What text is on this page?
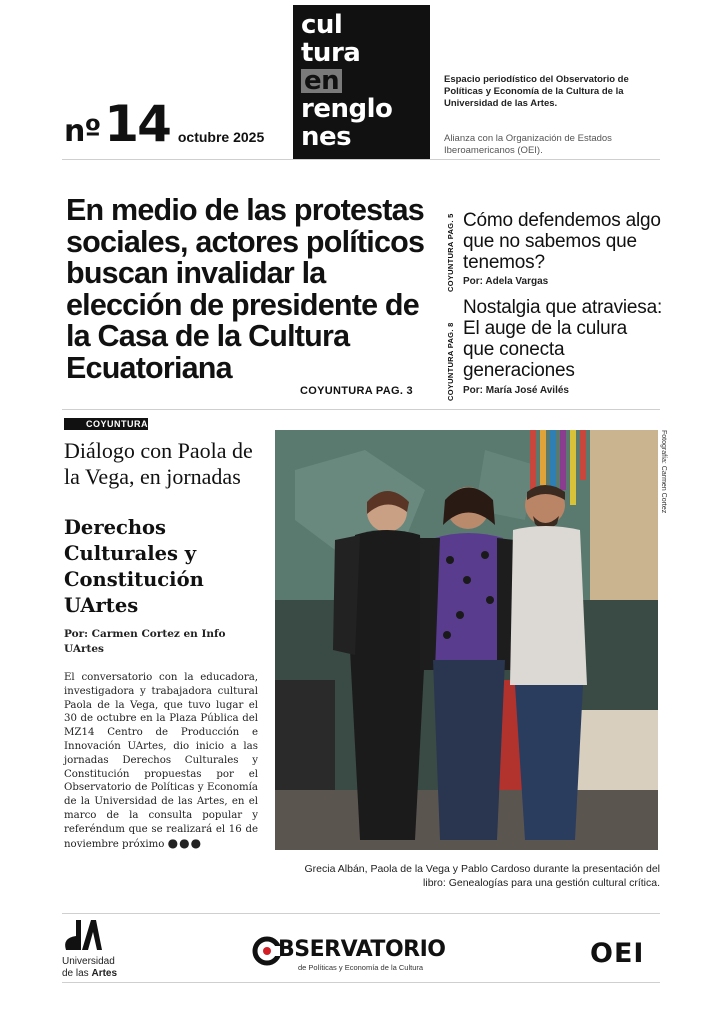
nº 14 octubre 2025
cul
tura
en
renglo
nes
Espacio periodístico del Observatorio de Políticas y Economía de la Cultura de la Universidad de las Artes.
Alianza con la Organización de Estados Iberoamericanos (OEI).
En medio de las protestas sociales, actores políticos buscan invalidar la elección de presidente de la Casa de la Cultura Ecuatoriana
COYUNTURA PAG. 3
COYUNTURA PAG. 5 Cómo defendemos algo que no sabemos que tenemos?
Por: Adela Vargas
COYUNTURA PAG. 8
Nostalgia que atraviesa: El auge de la culura que conecta generaciones
Por: María José Avilés
COYUNTURA
Diálogo con Paola de la Vega, en jornadas
Derechos Culturales y Constitución UArtes
Por: Carmen Cortez en Info UArtes
El conversatorio con la educadora, investigadora y trabajadora cultural Paola de la Vega, que tuvo lugar el 30 de octubre en la Plaza Pública del MZ14 Centro de Producción e Innovación UArtes, dio inicio a las jornadas Derechos Culturales y Constitución propuestas por el Observatorio de Políticas y Economía de la Universidad de las Artes, en el marco de la consulta popular y referéndum que se realizará el 16 de noviembre próximo ●●●
Fotografía: Carmen Cortez
Grecia Albán, Paola de la Vega y Pablo Cardoso durante la presentación del libro: Genealogías para una gestión cultural crítica.
Universidad
de las Artes
BSERVATORIO
de Políticas y Economía de la Cultura	OEI
